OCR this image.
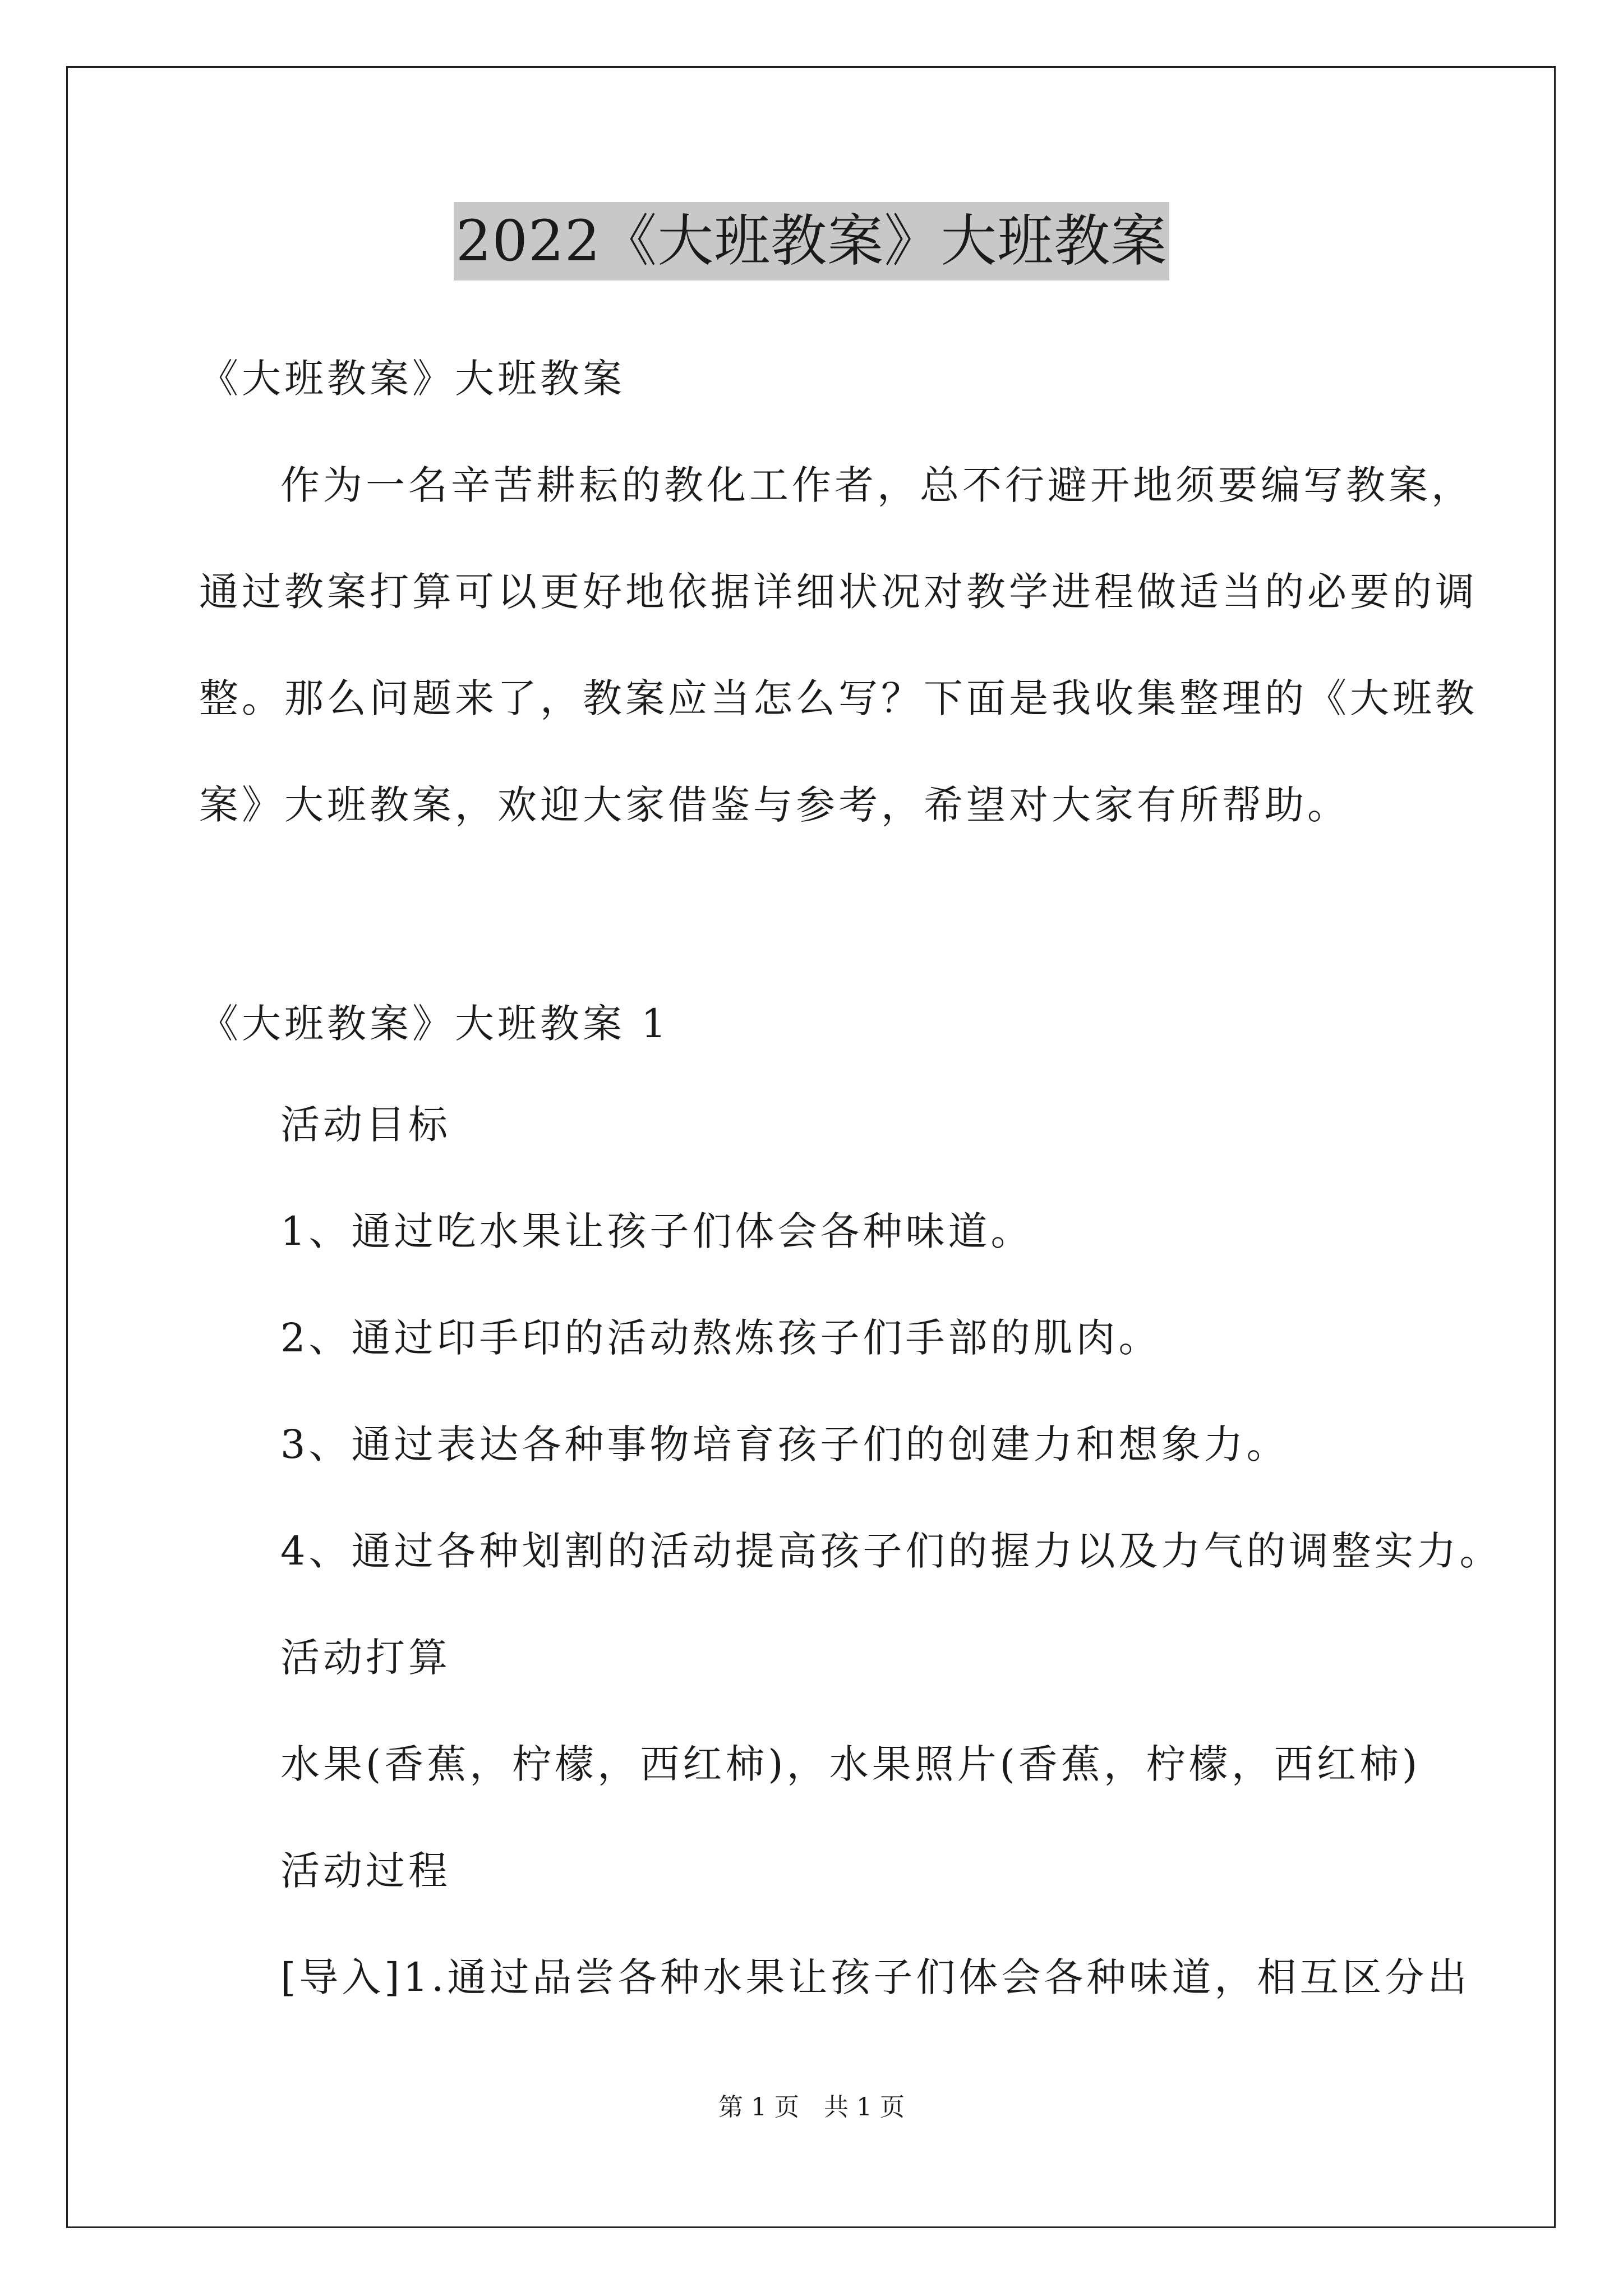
2022《大班教案》大班教案
《大班教案》大班教案
作为一名辛苦耕耘的教化工作者，总不行避开地须要编写教案，
通过教案打算可以更好地依据详细状况对教学进程做适当的必要的调
整。那么问题来了，教案应当怎么写？下面是我收集整理的《大班教
案》大班教案，欢迎大家借鉴与参考，希望对大家有所帮助。
《大班教案》大班教案 1
活动目标
1、通过吃水果让孩子们体会各种味道。
2、通过印手印的活动熬炼孩子们手部的肌肉。
3、通过表达各种事物培育孩子们的创建力和想象力。
4、通过各种划割的活动提高孩子们的握力以及力气的调整实力。
活动打算
水果(香蕉，柠檬，西红柿)，水果照片(香蕉，柠檬，西红柿)
活动过程
[导入]1.通过品尝各种水果让孩子们体会各种味道，相互区分出
第 1 页　共 1 页
